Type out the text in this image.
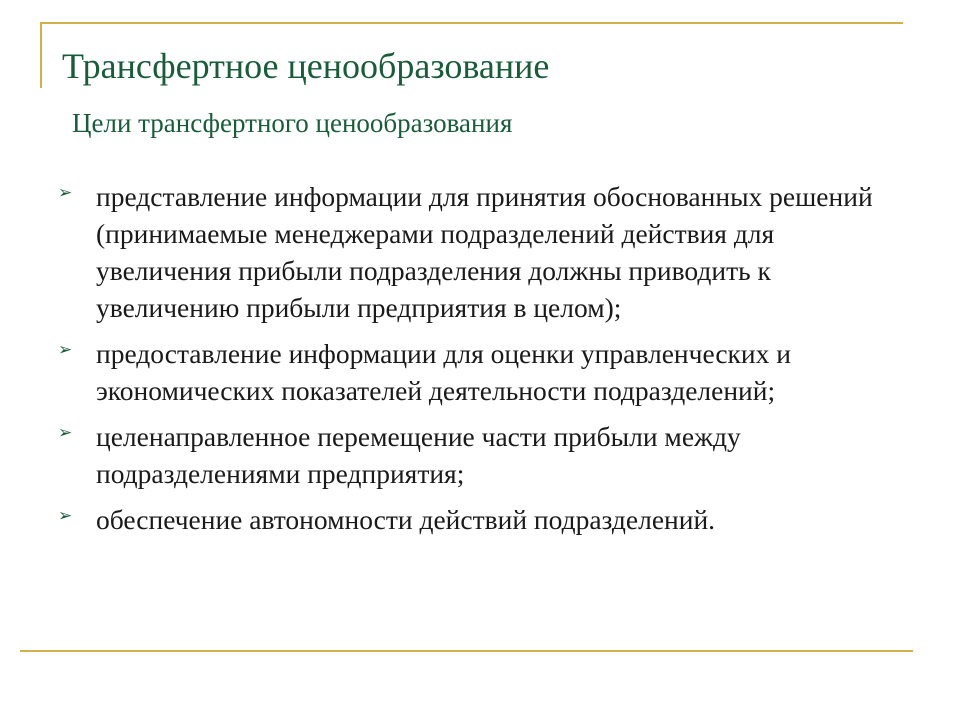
Трансфертное ценообразование
Цели трансфертного ценообразования
➢ представление информации для принятия обоснованных решений (принимаемые менеджерами подразделений действия для увеличения прибыли подразделения должны приводить к увеличению прибыли предприятия в целом);
➢ предоставление информации для оценки управленческих и экономических показателей деятельности подразделений;
➢ целенаправленное перемещение части прибыли между подразделениями предприятия;
➢ обеспечение автономности действий подразделений.
